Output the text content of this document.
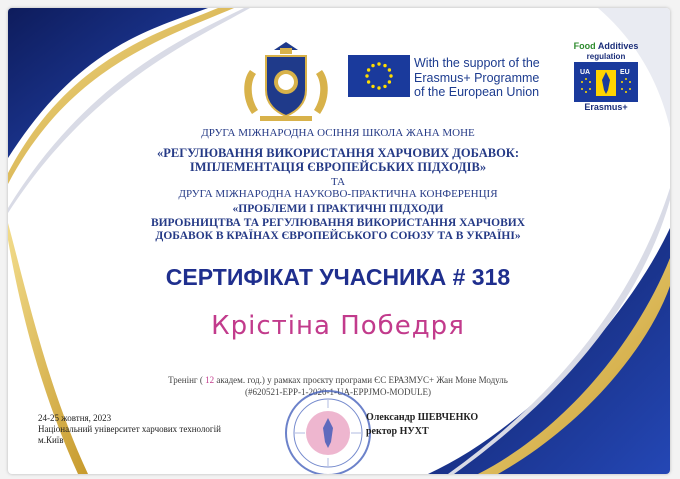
With the support of the
Erasmus+ Programme
of the European Union
Food Additives
regulation
UA	EU
Erasmus+
ДРУГА МІЖНАРОДНА ОСІННЯ ШКОЛА ЖАНА МОНЕ
«РЕГУЛЮВАННЯ ВИКОРИСТАННЯ ХАРЧОВИХ ДОБАВОК:
ІМПЛЕМЕНТАЦІЯ ЄВРОПЕЙСЬКИХ ПІДХОДІВ»
ТА
ДРУГА МІЖНАРОДНА НАУКОВО-ПРАКТИЧНА КОНФЕРЕНЦІЯ
«ПРОБЛЕМИ І ПРАКТИЧНІ ПІДХОДИ
ВИРОБНИЦТВА ТА РЕГУЛЮВАННЯ ВИКОРИСТАННЯ ХАРЧОВИХ
ДОБАВОК В КРАЇНАХ ЄВРОПЕЙСЬКОГО СОЮЗУ ТА В УКРАЇНІ»
СЕРТИФІКАТ УЧАСНИКА # 318
Крістіна Победря
Тренінг ( 12 академ. год.) у рамках проєкту програми ЄС ЕРАЗМУС+ Жан Моне Модуль
(#620521-EPP-1-2020-1-UA-EPPJMO-MODULE)
24-25 жовтня, 2023
Національний університет харчових технологій
м.Київ
Олександр ШЕВЧЕНКО
ректор НУХТ
